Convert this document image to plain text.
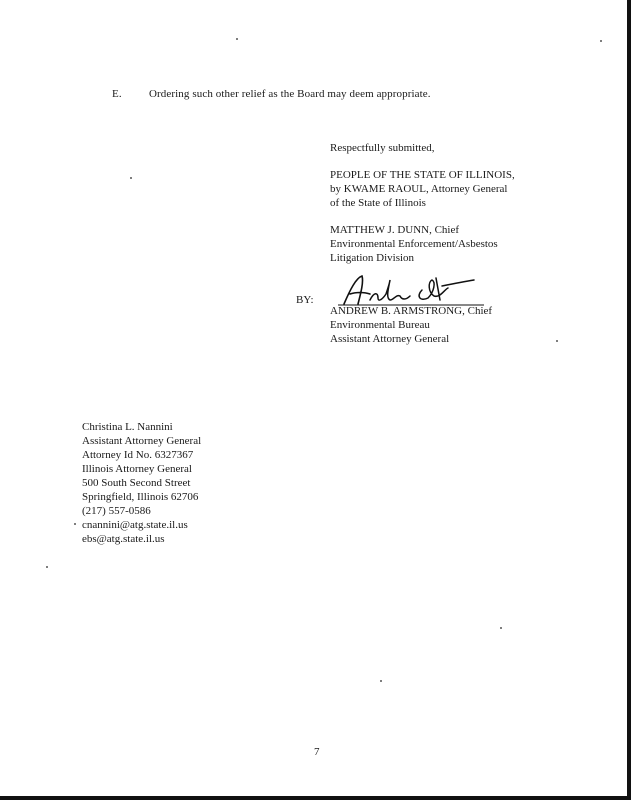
E. Ordering such other relief as the Board may deem appropriate.
Respectfully submitted,
PEOPLE OF THE STATE OF ILLINOIS,
by KWAME RAOUL, Attorney General
of the State of Illinois
MATTHEW J. DUNN, Chief
Environmental Enforcement/Asbestos
Litigation Division
BY:
ANDREW B. ARMSTRONG, Chief
Environmental Bureau
Assistant Attorney General
Christina L. Nannini
Assistant Attorney General
Attorney Id No. 6327367
Illinois Attorney General
500 South Second Street
Springfield, Illinois 62706
(217) 557-0586
cnannini@atg.state.il.us
ebs@atg.state.il.us
7
